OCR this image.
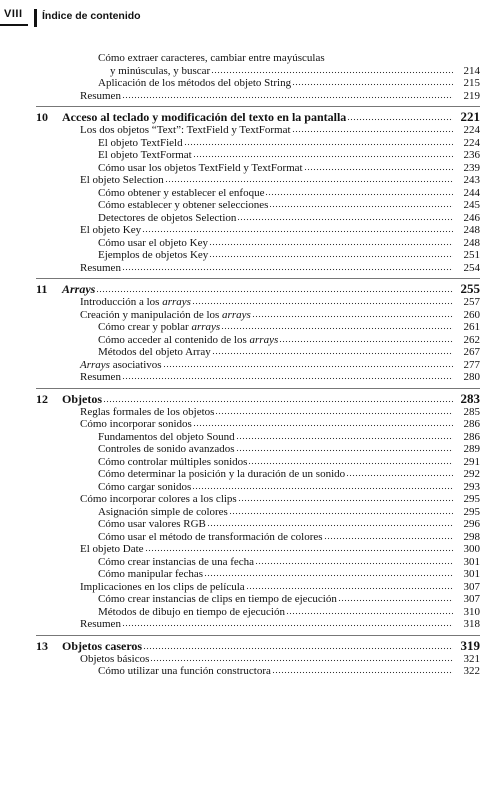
VIII Índice de contenido
Cómo extraer caracteres, cambiar entre mayúsculas
y minúsculas, y buscar	214
Aplicación de los métodos del objeto String	215
Resumen	219
10 Acceso al teclado y modificación del texto en la pantalla	221
Los dos objetos “Text”: TextField y TextFormat	224
El objeto TextField	224
El objeto TextFormat	236
Cómo usar los objetos TextField y TextFormat	239
El objeto Selection	243
Cómo obtener y establecer el enfoque	244
Cómo establecer y obtener selecciones	245
Detectores de objetos Selection	246
El objeto Key	248
Cómo usar el objeto Key	248
Ejemplos de objetos Key	251
Resumen	254
11 Arrays	255
Introducción a los arrays	257
Creación y manipulación de los arrays	260
Cómo crear y poblar arrays	261
Cómo acceder al contenido de los arrays	262
Métodos del objeto Array	267
Arrays asociativos	277
Resumen	280
12 Objetos	283
Reglas formales de los objetos	285
Cómo incorporar sonidos	286
Fundamentos del objeto Sound	286
Controles de sonido avanzados	289
Cómo controlar múltiples sonidos	291
Cómo determinar la posición y la duración de un sonido	292
Cómo cargar sonidos	293
Cómo incorporar colores a los clips	295
Asignación simple de colores	295
Cómo usar valores RGB	296
Cómo usar el método de transformación de colores	298
El objeto Date	300
Cómo crear instancias de una fecha	301
Cómo manipular fechas	301
Implicaciones en los clips de película	307
Cómo crear instancias de clips en tiempo de ejecución	307
Métodos de dibujo en tiempo de ejecución	310
Resumen	318
13 Objetos caseros	319
Objetos básicos	321
Cómo utilizar una función constructora	322
